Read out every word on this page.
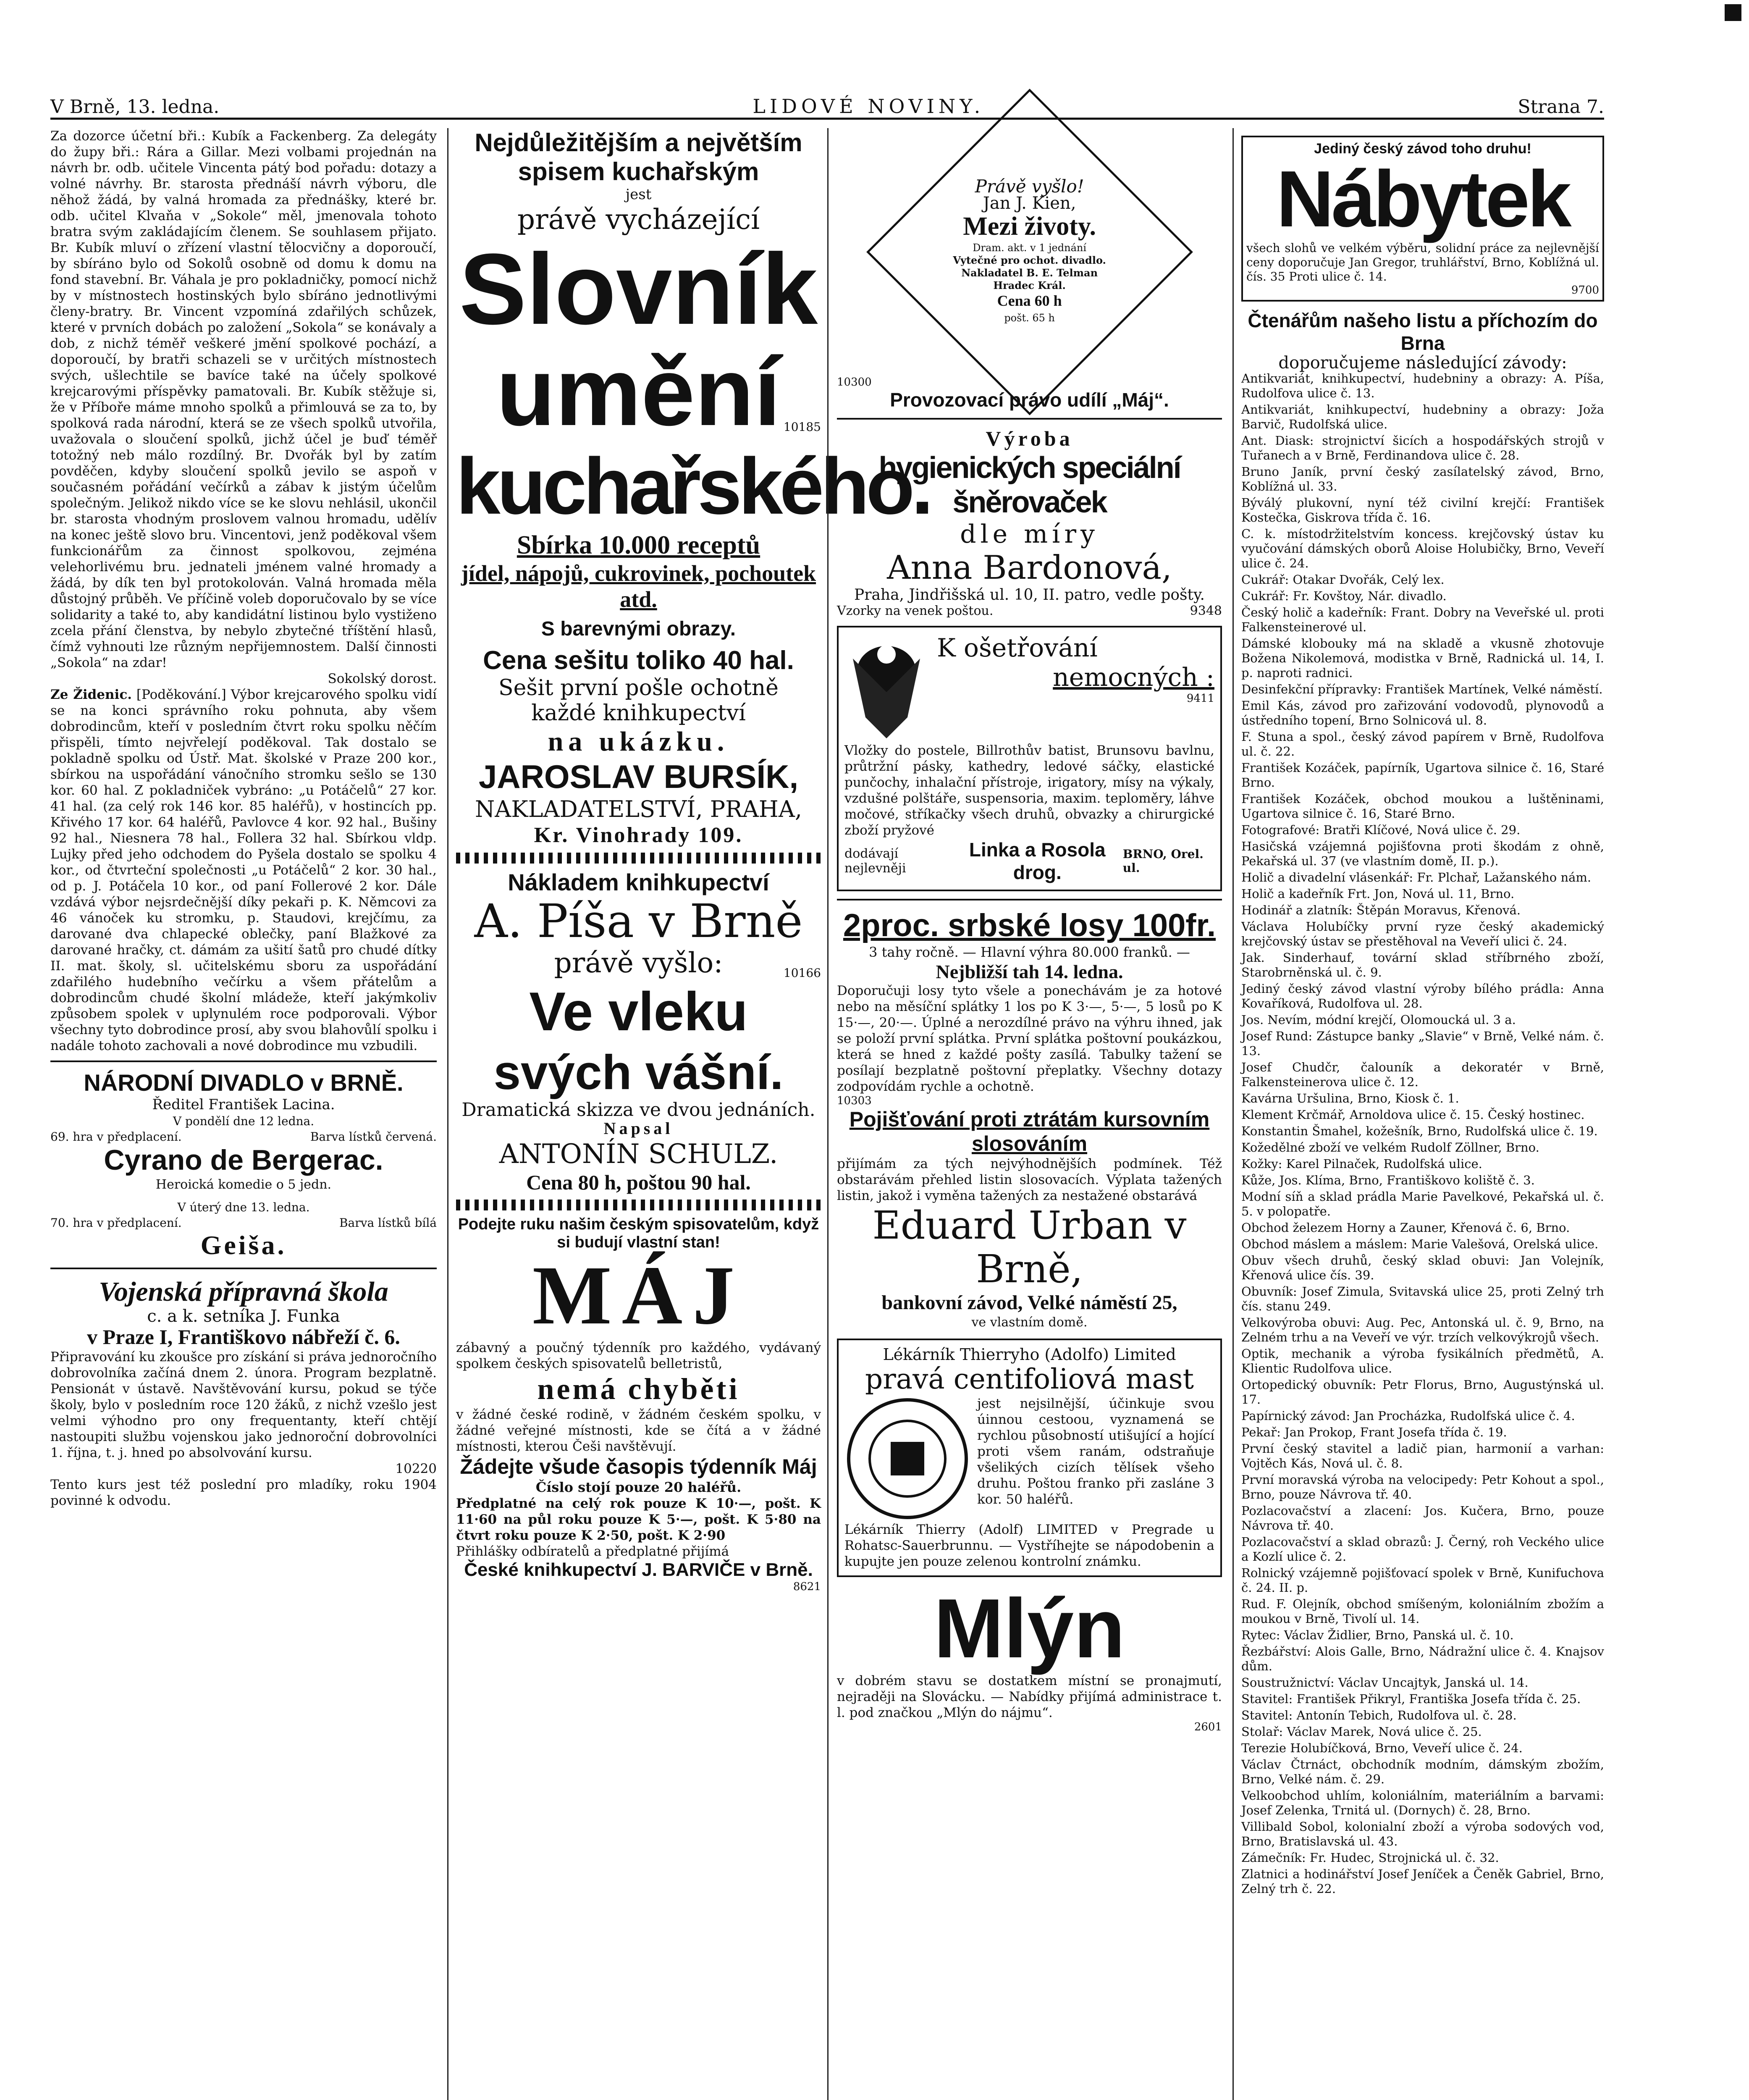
V Brně, 13. ledna.	LIDOVÉ NOVINY.	Strana 7.

Za dozorce účetní bři.: Kubík a Fackenberg. Za delegáty do župy bři.: Rára a Gillar. Mezi volbami projednán na návrh br. odb. učitele Vincenta pátý bod pořadu: dotazy a volné návrhy. Br. starosta přednáší návrh výboru, dle něhož žádá, by valná hromada za přednášky, které br. odb. učitel Klvaňa v „Sokole“ měl, jmenovala tohoto bratra svým zakládajícím členem. Se souhlasem přijato. Br. Kubík mluví o zřízení vlastní tělocvičny a doporoučí, by sbíráno bylo od Sokolů osobně od domu k domu na fond stavební. Br. Váhala je pro pokladničky, pomocí nichž by v místnostech hostinských bylo sbíráno jednotlivými členy-bratry. Br. Vincent vzpomíná zdařilých schůzek, které v prvních dobách po založení „Sokola“ se konávaly a dob, z nichž téměř veškeré jmění spolkové pochází, a doporoučí, by bratři schazeli se v určitých místnostech svých, ušlechtile se bavíce také na účely spolkové krejcarovými příspěvky pamatovali. Br. Kubík stěžuje si, že v Příboře máme mnoho spolků a přimlouvá se za to, by spolková rada národní, která se ze všech spolků utvořila, uvažovala o sloučení spolků, jichž účel je buď téměř totožný neb málo rozdílný. Br. Dvořák byl by zatím povděčen, kdyby sloučení spolků jevilo se aspoň v současném pořádání večírků a zábav k jistým účelům společným. Jelikož nikdo více se ke slovu nehlásil, ukončil br. starosta vhodným proslovem valnou hromadu, udělív na konec ještě slovo bru. Vincentovi, jenž poděkoval všem funkcionářům za činnost spolkovou, zejména velehorlivému bru. jednateli jménem valné hromady a žádá, by dík ten byl protokolován. Valná hromada měla důstojný průběh. Ve příčině voleb doporučovalo by se více solidarity a také to, aby kandidátní listinou bylo vystiženo zcela přání členstva, by nebylo zbytečné tříštění hlasů, čímž vyhnouti lze různým nepřijemnostem. Další činnosti „Sokola“ na zdar!

Sokolský dorost.

Ze Židenic. [Poděkování.] Výbor krejcarového spolku vidí se na konci správního roku pohnuta, aby všem dobrodincům, kteří v posledním čtvrt roku spolku něčím přispěli, tímto nejvřelejí poděkoval. Tak dostalo se pokladně spolku od Ústř. Mat. školské v Praze 200 kor., sbírkou na uspořádání vánočního stromku sešlo se 130 kor. 60 hal. Z pokladniček vybráno: „u Potáčelů“ 27 kor. 41 hal. (za celý rok 146 kor. 85 haléřů), v hostincích pp. Křivého 17 kor. 64 haléřů, Pavlovce 4 kor. 92 hal., Bušiny 92 hal., Niesnera 78 hal., Follera 32 hal. Sbírkou vldp. Lujky před jeho odchodem do Pyšela dostalo se spolku 4 kor., od čtvrteční společnosti „u Potáčelů“ 2 kor. 30 hal., od p. J. Potáčela 10 kor., od paní Follerové 2 kor. Dále vzdává výbor nejsrdečnější díky pekaři p. K. Němcovi za 46 vánoček ku stromku, p. Staudovi, krejčímu, za darované dva chlapecké oblečky, paní Blažkové za darované hračky, ct. dámám za ušití šatů pro chudé dítky II. mat. školy, sl. učitelskému sboru za uspořádání zdařilého hudebního večírku a všem přátelům a dobrodincům chudé školní mládeže, kteří jakýmkoliv způsobem spolek v uplynulém roce podporovali. Výbor všechny tyto dobrodince prosí, aby svou blahovůlí spolku i nadále tohoto zachovali a nové dobrodince mu vzbudili.

NÁRODNÍ DIVADLO v BRNĚ.
Ředitel František Lacina.
V pondělí dne 12 ledna.
69. hra v předplacení.	Barva lístků červená.
Cyrano de Bergerac.
Heroická komedie o 5 jedn.
V úterý dne 13. ledna.
70. hra v předplacení.	Barva lístků bílá
Geiša.
Vojenská přípravná škola
c. a k. setníka J. Funka
v Praze I, Františkovo nábřeží č. 6.

Připravování ku zkoušce pro získání si práva jednoročního dobrovolníka začíná dnem 2. února. Program bezplatně. Pensionát v ústavě. Navštěvování kursu, pokud se týče školy, bylo v posledním roce 120 žáků, z nichž vzešlo jest velmi výhodno pro ony frequentanty, kteří chtějí nastoupiti službu vojenskou jako jednoroční dobrovolníci 1. října, t. j. hned po absolvování kursu.

10220

Tento kurs jest též poslední pro mladíky, roku 1904 povinné k odvodu.

Nejdůležitějším a největším
spisem kuchařským
jest
právě vycházející
Slovník
umění 10185
kuchařského.
Sbírka 10.000 receptů
jídel, nápojů, cukrovinek, pochoutek atd.
S barevnými obrazy.
Cena sešitu toliko 40 hal.
Sešit první pošle ochotně
každé knihkupectví
na ukázku.
JAROSLAV BURSÍK,
NAKLADATELSTVÍ, PRAHA,
Kr. Vinohrady 109.
Nákladem knihkupectví
A. Píša v Brně
právě vyšlo:	10166
Ve vleku
svých vášní.
Dramatická skizza ve dvou jednáních.
Napsal
ANTONÍN SCHULZ.
Cena 80 h, poštou 90 hal.
Podejte ruku našim českým spisovatelům, když si budují vlastní stan!
MÁJ

zábavný a poučný týdenník pro každého, vydávaný spolkem českých spisovatelů belletristů,

nemá chyběti

v žádné české rodině, v žádném českém spolku, v žádné veřejné místnosti, kde se čítá a v žádné místnosti, kterou Češi navštěvují.

Žádejte všude časopis týdenník Máj
Číslo stojí pouze 20 haléřů.

Předplatné na celý rok pouze K 10·—, pošt. K 11·60 na půl roku pouze K 5·—, pošt. K 5·80 na čtvrt roku pouze K 2·50, pošt. K 2·90

Přihlášky odbíratelů a předplatné přijímá

České knihkupectví J. BARVIČE v Brně.
8621
Právě vyšlo!
Jan J. Kien,
Mezi životy.
Dram. akt. v 1 jednání
Vytečné pro ochot. divadlo.
Nakladatel B. E. Telman
Hradec Král.
Cena 60 h
pošt. 65 h
10300
Provozovací právo udílí „Máj“.
Výroba
hygienických speciální šněrovaček
dle míry
Anna Bardonová,
Praha, Jindřišská ul. 10, II. patro, vedle pošty.
Vzorky na venek poštou.	9348
K ošetřování
nemocných :
9411

Vložky do postele, Billrothův batist, Brunsovu bavlnu, průtržní pásky, kathedry, ledové sáčky, elastické punčochy, inhalační přístroje, irigatory, mísy na výkaly, vzdušné polštáře, suspensoria, maxim. teploměry, láhve močové, stříkačky všech druhů, obvazky a chirurgické zboží pryžové

dodávají nejlevněji
Linka a Rosola drog.
BRNO, Orel. ul.
2proc. srbské losy 100fr.
3 tahy ročně. — Hlavní výhra 80.000 franků. —
Nejbližší tah 14. ledna.

Doporučuji losy tyto všele a ponechávám je za hotové nebo na měsíční splátky 1 los po K 3·—, 5·—, 5 losů po K 15·—, 20·—. Úplné a nerozdílné právo na výhru ihned, jak se položí první splátka. První splátka poštovní poukázkou, která se hned z každé pošty zasílá. Tabulky tažení se posílají bezplatně poštovní přeplatky. Všechny dotazy zodpovídám rychle a ochotně.

10303
Pojišťování proti ztrátám kursovním slosováním

přijímám za tých nejvýhodnějších podmínek. Též obstarávám přehled listin slosovacích. Výplata tažených listin, jakož i vyměna tažených za nestažené obstarává

Eduard Urban v Brně,
bankovní závod, Velké náměstí 25,
ve vlastním domě.
Lékárník Thierryho (Adolfo) Limited
pravá centifoliová mast

jest nejsilnější, účinkuje svou úinnou cestoou, vyznamená se rychlou působností utišující a hojící proti všem ranám, odstraňuje všelikých cizích tělísek všeho druhu. Poštou franko při zasláne 3 kor. 50 haléřů.

Lékárník Thierry (Adolf) LIMITED v Pregrade u Rohatsc-Sauerbrunnu. — Vystříhejte se nápodobenin a kupujte jen pouze zelenou kontrolní známku.

Mlýn

v dobrém stavu se dostatkem místní se pronajmutí, nejraději na Slovácku. — Nabídky přijímá administrace t. l. pod značkou „Mlýn do nájmu“.

2601
Jediný český závod toho druhu!
Nábytek

všech slohů ve velkém výběru, solidní práce za nejlevnější ceny doporučuje Jan Gregor, truhlářství, Brno, Koblížná ul. čís. 35 Proti ulice č. 14.

9700
Čtenářům našeho listu a příchozím do Brna
doporučujeme následující závody:

Antikvariát, knihkupectví, hudebniny a obrazy: A. Píša, Rudolfova ulice č. 13.

Antikvariát, knihkupectví, hudebniny a obrazy: Joža Barvič, Rudolfská ulice.

Ant. Diask: strojnictví šicích a hospodářských strojů v Tuřanech a v Brně, Ferdinandova ulice č. 28.

Bruno Janík, první český zasílatelský závod, Brno, Koblížná ul. 33.

Býválý plukovní, nyní též civilní krejčí: František Kostečka, Giskrova třída č. 16.

C. k. místodržitelstvím koncess. krejčovský ústav ku vyučování dámských oborů Aloise Holubičky, Brno, Veveří ulice č. 24.

Cukrář: Otakar Dvořák, Celý lex.

Cukrář: Fr. Kovštoy, Nár. divadlo.

Český holič a kadeřník: Frant. Dobry na Veveřské ul. proti Falkensteinerové ul.

Dámské klobouky má na skladě a vkusně zhotovuje Božena Nikolemová, modistka v Brně, Radnická ul. 14, I. p. naproti radnici.

Desinfekční přípravky: František Martínek, Velké náměstí.

Emil Kás, závod pro zařizování vodovodů, plynovodů a ústředního topení, Brno Solnicová ul. 8.

F. Stuna a spol., český závod papírem v Brně, Rudolfova ul. č. 22.

František Kozáček, papírník, Ugartova silnice č. 16, Staré Brno.

František Kozáček, obchod moukou a luštěninami, Ugartova silnice č. 16, Staré Brno.

Fotografové: Bratři Klíčové, Nová ulice č. 29.

Hasičská vzájemná pojišťovna proti škodám z ohně, Pekařská ul. 37 (ve vlastním domě, II. p.).

Holič a divadelní vlásenkář: Fr. Plchař, Lažanského nám.

Holič a kadeřník Frt. Jon, Nová ul. 11, Brno.

Hodinář a zlatník: Štěpán Moravus, Křenová.

Václava Holubíčky první ryze český akademický krejčovský ústav se přestěhoval na Veveří ulici č. 24.

Jak. Sinderhauf, tovární sklad stříbrného zboží, Starobrněnská ul. č. 9.

Jediný český závod vlastní výroby bílého prádla: Anna Kovaříková, Rudolfova ul. 28.

Jos. Nevím, módní krejčí, Olomoucká ul. 3 a.

Josef Rund: Zástupce banky „Slavie“ v Brně, Velké nám. č. 13.

Josef Chudčr, čalouník a dekoratér v Brně, Falkensteinerova ulice č. 12.

Kavárna Uršulina, Brno, Kiosk č. 1.

Klement Krčmář, Arnoldova ulice č. 15. Český hostinec.

Konstantin Šmahel, kožešník, Brno, Rudolfská ulice č. 19.

Kožedělné zboží ve velkém Rudolf Zöllner, Brno.

Kožky: Karel Pilnaček, Rudolfská ulice.

Kůže, Jos. Klíma, Brno, Františkovo koliště č. 3.

Modní síň a sklad prádla Marie Pavelkové, Pekařská ul. č. 5. v polopatře.

Obchod železem Horny a Zauner, Křenová č. 6, Brno.

Obchod máslem a máslem: Marie Valešová, Orelská ulice.

Obuv všech druhů, český sklad obuvi: Jan Volejník, Křenová ulice čís. 39.

Obuvník: Josef Zimula, Svitavská ulice 25, proti Zelný trh čís. stanu 249.

Velkovýroba obuvi: Aug. Pec, Antonská ul. č. 9, Brno, na Zelném trhu a na Veveří ve výr. trzích velkovýkrojů všech.

Optik, mechanik a výroba fysikálních předmětů, A. Klientic Rudolfova ulice.

Ortopedický obuvník: Petr Florus, Brno, Augustýnská ul. 17.

Papírnický závod: Jan Procházka, Rudolfská ulice č. 4.

Pekař: Jan Prokop, Frant Josefa třída č. 19.

První český stavitel a ladič pian, harmonií a varhan: Vojtěch Kás, Nová ul. č. 8.

První moravská výroba na velocipedy: Petr Kohout a spol., Brno, pouze Návrova tř. 40.

Pozlacovačství a zlacení: Jos. Kučera, Brno, pouze Návrova tř. 40.

Pozlacovačství a sklad obrazů: J. Černý, roh Veckého ulice a Kozlí ulice č. 2.

Rolnický vzájemně pojišťovací spolek v Brně, Kunifuchova č. 24. II. p.

Rud. F. Olejník, obchod smíšeným, koloniálním zbožím a moukou v Brně, Tivolí ul. 14.

Rytec: Václav Židlier, Brno, Panská ul. č. 10.

Řezbářství: Alois Galle, Brno, Nádražní ulice č. 4. Knajsov dům.

Soustružnictví: Václav Uncajtyk, Janská ul. 14.

Stavitel: František Přikryl, Františka Josefa třída č. 25.

Stavitel: Antonín Tebich, Rudolfova ul. č. 28.

Stolař: Václav Marek, Nová ulice č. 25.

Terezie Holubíčková, Brno, Veveří ulice č. 24.

Václav Čtrnáct, obchodník modním, dámským zbožím, Brno, Velké nám. č. 29.

Velkoobchod uhlím, koloniálním, materiálním a barvami: Josef Zelenka, Trnitá ul. (Dornych) č. 28, Brno.

Villibald Sobol, kolonialní zboží a výroba sodových vod, Brno, Bratislavská ul. 43.

Zámečník: Fr. Hudec, Strojnická ul. č. 32.

Zlatnici a hodinářství Josef Jeníček a Čeněk Gabriel, Brno, Zelný trh č. 22.
